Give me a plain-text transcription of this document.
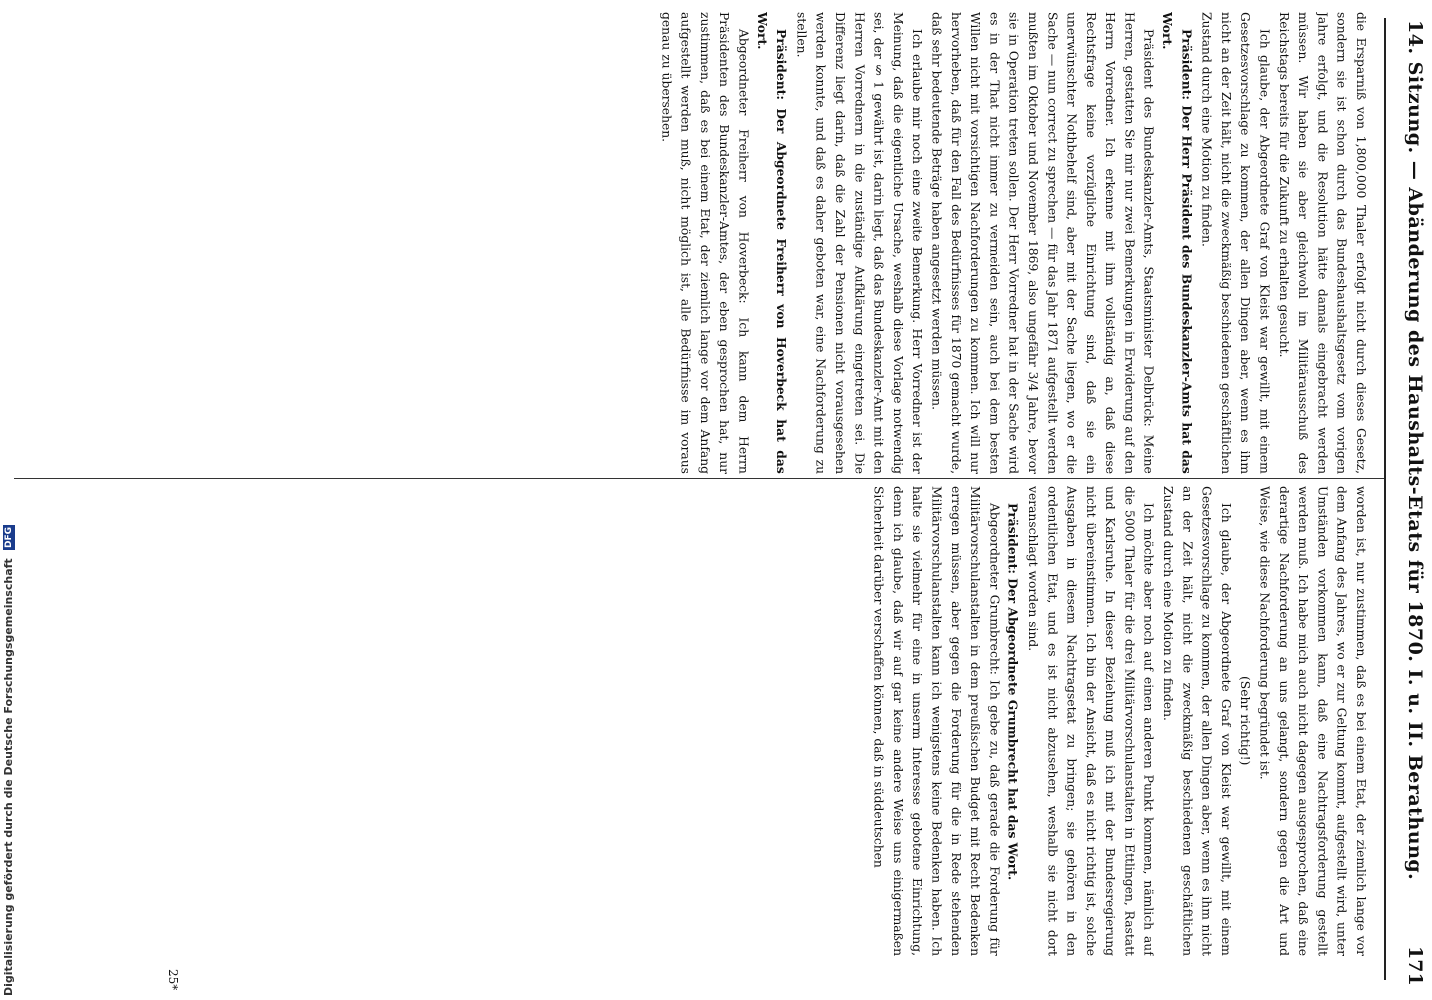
14. Sitzung. — Abänderung des Haushalts-Etats für 1870. I. u. II. Berathung.
171

die Ersparniß von 1,800,000 Thaler erfolgt nicht durch dieses Gesetz, sondern sie ist schon durch das Bundeshaushaltsgesetz vom vorigen Jahre erfolgt, und die Resolution hätte damals eingebracht werden müssen. Wir haben sie aber gleichwohl im Militärausschuß des Reichstags bereits für die Zukunft zu erhalten gesucht.

Ich glaube, der Abgeordnete Graf von Kleist war gewillt, mit einem Gesetzesvorschlage zu kommen, der allen Dingen aber, wenn es ihm nicht an der Zeit hält, nicht die zweckmäßig beschiedenen geschäftlichen Zustand durch eine Motion zu finden.

Präsident: Der Herr Präsident des Bundeskanzler-Amts hat das Wort.

Präsident des Bundeskanzler-Amts, Staatsminister Delbrück: Meine Herren, gestatten Sie mir nur zwei Bemerkungen in Erwiderung auf den Herrn Vorredner. Ich erkenne mit ihm vollständig an, daß diese Rechtsfrage keine vorzügliche Einrichtung sind, daß sie ein unerwünschter Nothbehelf sind, aber mit der Sache liegen, wo er die Sache — nun correct zu sprechen — für das Jahr 1871 aufgestellt werden mußten im Oktober und November 1869, also ungefähr 3/4 Jahre, bevor sie in Operation treten sollen. Der Herr Vorredner hat in der Sache wird es in der That nicht immer zu vermeiden sein, auch bei dem besten Willen nicht mit vorsichtigen Nachforderungen zu kommen. Ich will nur hervorheben, daß für den Fall des Bedürfnisses für 1870 gemacht wurde, daß sehr bedeutende Beträge haben angesetzt werden müssen.

Ich erlaube mir noch eine zweite Bemerkung. Herr Vorredner ist der Meinung, daß die eigentliche Ursache, weshalb diese Vorlage notwendig sei, der § 1 gewährt ist, darin liegt, daß das Bundeskanzler-Amt mit den Herren Vorrednern in die zuständige Aufklärung eingetreten sei. Die Differenz liegt darin, daß die Zahl der Pensionen nicht vorausgesehen werden konnte, und daß es daher geboten war, eine Nachforderung zu stellen.

Präsident: Der Abgeordnete Freiherr von Hoverbeck hat das Wort.

Abgeordneter Freiherr von Hoverbeck: Ich kann dem Herrn Präsidenten des Bundeskanzler-Amtes, der eben gesprochen hat, nur zustimmen, daß es bei einem Etat, der ziemlich lange vor dem Anfang aufgestellt werden muß, nicht möglich ist, alle Bedürfnisse im voraus genau zu übersehen.

worden ist, nur zustimmen, daß es bei einem Etat, der ziemlich lange vor dem Anfang des Jahres, wo er zur Geltung kommt, aufgestellt wird, unter Umständen vorkommen kann, daß eine Nachtragsforderung gestellt werden muß. Ich habe mich auch nicht dagegen ausgesprochen, daß eine derartige Nachforderung an uns gelangt, sondern gegen die Art und Weise, wie diese Nachforderung begründet ist.

(Sehr richtig!)

Ich glaube, der Abgeordnete Graf von Kleist war gewillt, mit einem Gesetzesvorschlage zu kommen, der allen Dingen aber, wenn es ihm nicht an der Zeit hält, nicht die zweckmäßig beschiedenen geschäftlichen Zustand durch eine Motion zu finden.

Ich möchte aber noch auf einen anderen Punkt kommen, nämlich auf die 5000 Thaler für die drei Militärvorschulanstalten in Ettlingen, Rastatt und Karlsruhe. In dieser Beziehung muß ich mit der Bundesregierung nicht übereinstimmen. Ich bin der Ansicht, daß es nicht richtig ist, solche Ausgaben in diesem Nachtragsetat zu bringen; sie gehören in den ordentlichen Etat, und es ist nicht abzusehen, weshalb sie nicht dort veranschlagt worden sind.

Präsident: Der Abgeordnete Grumbrecht hat das Wort.

Abgeordneter Grumbrecht: Ich gebe zu, daß gerade die Forderung für Militärvorschulanstalten in dem preußischen Budget mit Recht Bedenken erregen müssen, aber gegen die Forderung für die in Rede stehenden Militärvorschulanstalten kann ich wenigstens keine Bedenken haben. Ich halte sie vielmehr für eine in unserm Interesse gebotene Einrichtung, denn ich glaube, daß wir auf gar keine andere Weise uns einigermaßen Sicherheit darüber verschaffen können, daß in süddeutschen

25*
Digitalisierung gefördert durch die Deutsche Forschungsgemeinschaft DFG
